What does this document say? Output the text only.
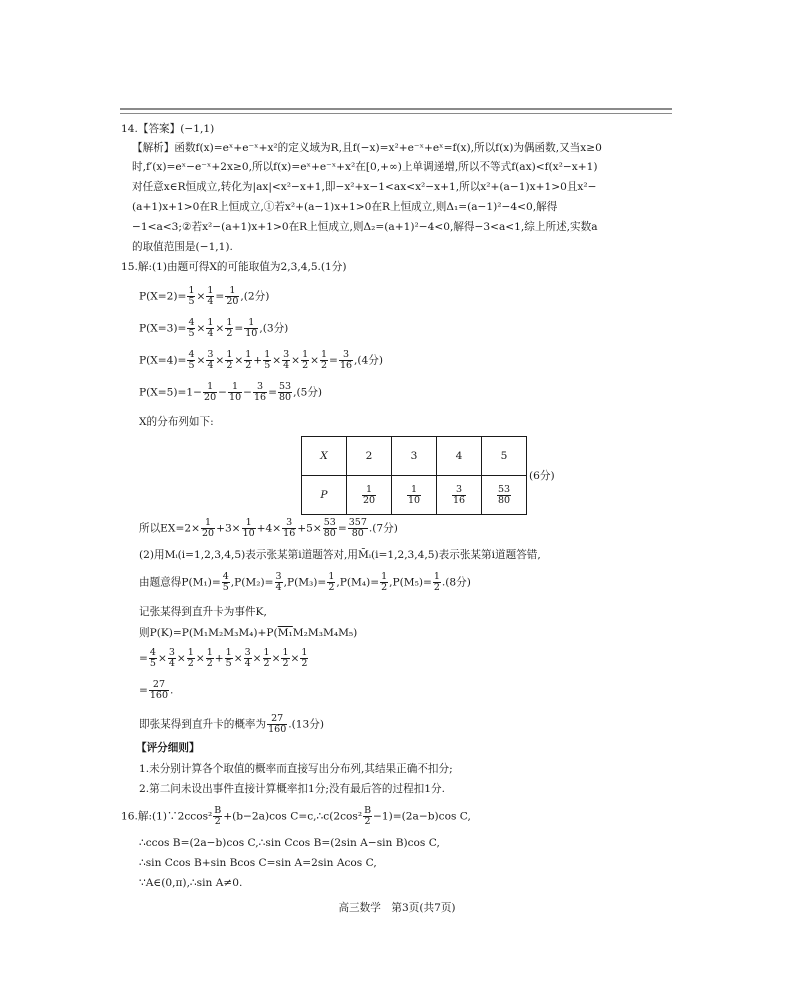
14.【答案】(−1,1)
【解析】函数f(x)=eˣ+e⁻ˣ+x²的定义域为R,且f(−x)=x²+e⁻ˣ+eˣ=f(x),所以f(x)为偶函数,又当x≥0
时,f′(x)=eˣ−e⁻ˣ+2x≥0,所以f(x)=eˣ+e⁻ˣ+x²在[0,+∞)上单调递增,所以不等式f(ax)<f(x²−x+1)
对任意x∈R恒成立,转化为|ax|<x²−x+1,即−x²+x−1<ax<x²−x+1,所以x²+(a−1)x+1>0且x²−
(a+1)x+1>0在R上恒成立,①若x²+(a−1)x+1>0在R上恒成立,则Δ₁=(a−1)²−4<0,解得
−1<a<3;②若x²−(a+1)x+1>0在R上恒成立,则Δ₂=(a+1)²−4<0,解得−3<a<1,综上所述,实数a
的取值范围是(−1,1).
15.解:(1)由题可得X的可能取值为2,3,4,5.(1分)
$P(X=2)= \frac{1}{5} \times \frac{1}{4} = \frac{1}{20} ,(2$分)
$P(X=3)= \frac{4}{5} \times \frac{1}{4} \times \frac{1}{2} = \frac{1}{10} ,(3$分)
$P(X=4)= \frac{4}{5} \times \frac{3}{4} \times \frac{1}{2} \times \frac{1}{2} + \frac{1}{5} \times \frac{3}{4} \times \frac{1}{2} \times \frac{1}{2} = \frac{3}{16} ,(4$分)
$P(X=5)=1- \frac{1}{20} - \frac{1}{10} - \frac{3}{16} = \frac{53}{80} ,(5$分)
X的分布列如下:
X	2	3	4	5
P	$\frac{1}{20}$	$\frac{1}{10}$	$\frac{3}{16}$	$\frac{53}{80}$
(6分)
所以$EX=2\times \frac{1}{20} +3\times \frac{1}{10} +4\times \frac{3}{16} +5\times \frac{53}{80} = \frac{357}{80} .(7$分)
(2)用Mᵢ(i=1,2,3,4,5)表示张某第i道题答对,用M̄ᵢ(i=1,2,3,4,5)表示张某第i道题答错,
由题意得$P(M_1)= \frac{4}{5} ,P(M_2)= \frac{3}{4} ,P(M_3)= \frac{1}{2} ,P(M_4)= \frac{1}{2} ,P(M_5)= \frac{1}{2} .(8$分)
记张某得到直升卡为事件K,
则P(K)=P(M₁M₂M₃M₄)+P(M₁M₂M₃M₄M₅)
= $\frac{4}{5} \times \frac{3}{4} \times \frac{1}{2} \times \frac{1}{2} + \frac{1}{5} \times \frac{3}{4} \times \frac{1}{2} \times \frac{1}{2} \times \frac{1}{2}$
= $\frac{27}{160}$ .
即张某得到直升卡的概率为 $\frac{27}{160} .(13$分)
【评分细则】
1.未分别计算各个取值的概率而直接写出分布列,其结果正确不扣分;
2.第二问未设出事件直接计算概率扣1分;没有最后答的过程扣1分.
16.解:(1)∵2ccos² $\frac{B}{2} +(b-2a)\cos$ C=c,∴c(2cos² $\frac{B}{2} -1)=(2a-b)\cos$ C,
∴ccos B=(2a−b)cos C,∴sin Ccos B=(2sin A−sin B)cos C,
∴sin Ccos B+sin Bcos C=sin A=2sin Acos C,
∵A∈(0,π),∴sin A≠0.
高三数学　第3页(共7页)
